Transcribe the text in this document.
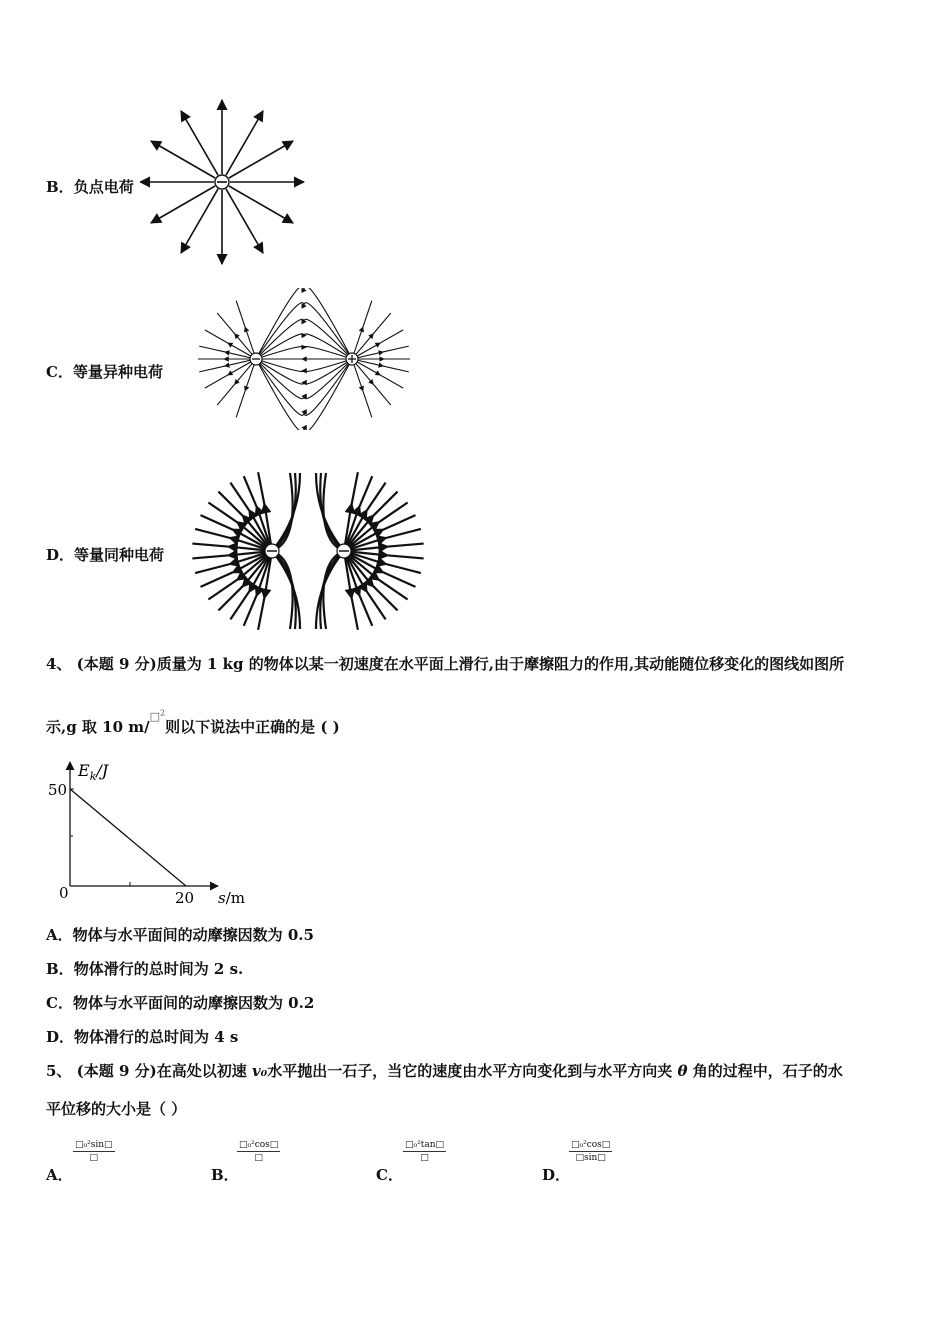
B．负点电荷
C．等量异种电荷
D．等量同种电荷
4、 (本题 9 分)质量为 1 kg 的物体以某一初速度在水平面上滑行,由于摩擦阻力的作用,其动能随位移变化的图线如图所
示,g 取 10 m/$^{□^2}$则以下说法中正确的是 ( )
$E_k/J$
50
0	20 s/m
A．物体与水平面间的动摩擦因数为 0.5
B．物体滑行的总时间为 2 s.
C．物体与水平面间的动摩擦因数为 0.2
D．物体滑行的总时间为 4 s
5、 (本题 9 分)在高处以初速 v₀水平抛出一石子，当它的速度由水平方向变化到与水平方向夹 θ 角的过程中，石子的水
平位移的大小是（ ）
A．
□₀²sin□
□
B．
□₀²cos□
□
C．
□₀²tan□
□
D．
$\frac{\text{□₀²cos□}}{□\sin□}$
